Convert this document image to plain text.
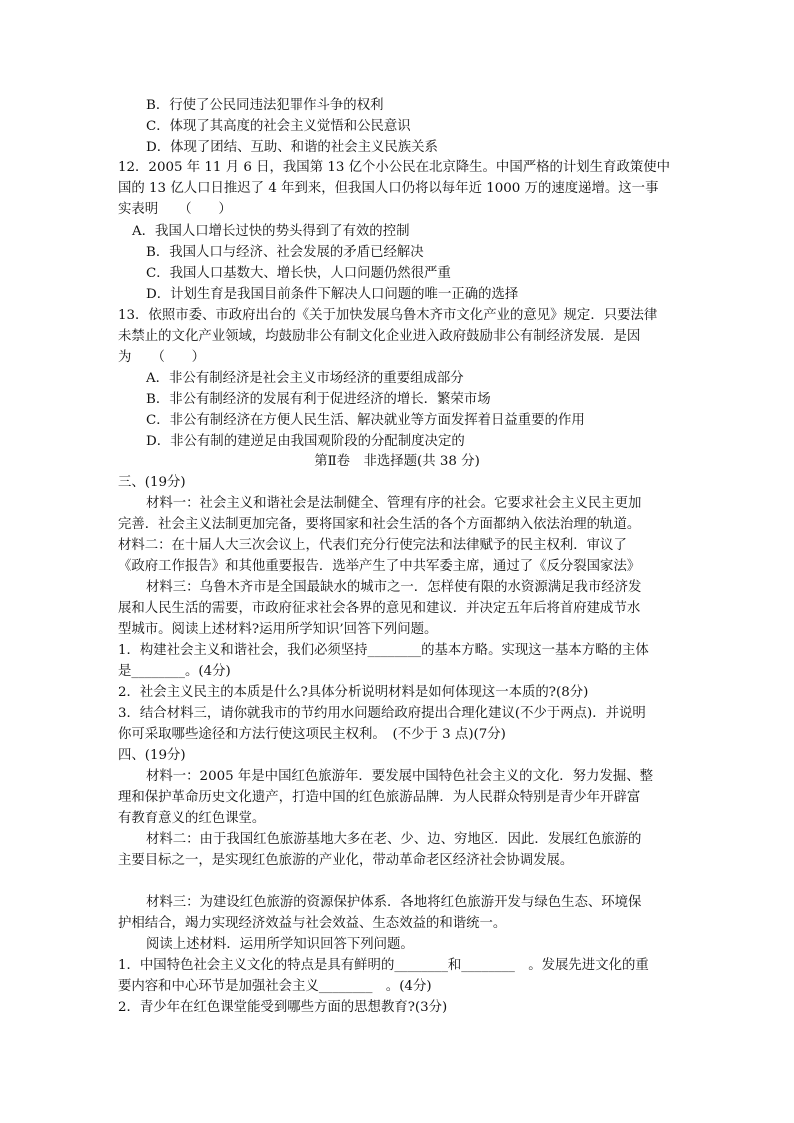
B．行使了公民同违法犯罪作斗争的权利
C．体现了其高度的社会主义觉悟和公民意识
D．体现了团结、互助、和谐的社会主义民族关系
12．2005 年 11 月 6 日，我国第 13 亿个小公民在北京降生。中国严格的计划生育政策使中
国的 13 亿人口日推迟了 4 年到来，但我国人口仍将以每年近 1000 万的速度递增。这一事
实表明　　（　　）
A．我国人口增长过快的势头得到了有效的控制
B．我国人口与经济、社会发展的矛盾已经解决
C．我国人口基数大、增长快，人口问题仍然很严重
D．计划生育是我国目前条件下解决人口问题的唯一正确的选择
13．依照市委、市政府出台的《关于加快发展乌鲁木齐市文化产业的意见》规定．只要法律
未禁止的文化产业领域，均鼓励非公有制文化企业进入政府鼓励非公有制经济发展．是因
为　　（　　）
A．非公有制经济是社会主义市场经济的重要组成部分
B．非公有制经济的发展有利于促进经济的增长．繁荣市场
C．非公有制经济在方便人民生活、解决就业等方面发挥着日益重要的作用
D．非公有制的建逆足由我国观阶段的分配制度决定的
第Ⅱ卷　非选择题(共 38 分)
三、(19分)
材料一：社会主义和谐社会是法制健全、管理有序的社会。它要求社会主义民主更加
完善．社会主义法制更加完备，要将国家和社会生活的各个方面都纳入依法治理的轨道。
材料二：在十届人大三次会议上，代表们充分行使完法和法律赋予的民主权利．审议了
《政府工作报告》和其他重要报告．选举产生了中共军委主席，通过了《反分裂国家法》
材料三：乌鲁木齐市是全国最缺水的城市之一．怎样使有限的水资源满足我市经济发
展和人民生活的需要，市政府征求社会各界的意见和建议．并决定五年后将首府建成节水
型城市。阅读上述材料?运用所学知识’回答下列问题。
1．构建社会主义和谐社会，我们必须坚持________的基本方略。实现这一基本方略的主体
是________。(4分)
2．社会主义民主的本质是什么?具体分析说明材料是如何体现这一本质的?(8分)
3．结合材料三，请你就我市的节约用水问题给政府提出合理化建议(不少于两点)．并说明
你可采取哪些途径和方法行使这项民主权利。　(不少于 3 点)(7分)
四、(19分)
材料一：2005 年是中国红色旅游年．要发展中国特色社会主义的文化．努力发掘、整
理和保护革命历史文化遗产，打造中国的红色旅游品牌．为人民群众特别是青少年开辟富
有教育意义的红色课堂。
材料二：由于我国红色旅游基地大多在老、少、边、穷地区．因此．发展红色旅游的
主要目标之一，是实现红色旅游的产业化，带动革命老区经济社会协调发展。
材料三：为建设红色旅游的资源保护体系．各地将红色旅游开发与绿色生态、环境保
护相结合，竭力实现经济效益与社会效益、生态效益的和谐统一。
阅读上述材料．运用所学知识回答下列问题。
1．中国特色社会主义文化的特点是具有鲜明的________和________　。发展先进文化的重
要内容和中心环节是加强社会主义________　。(4分)
2．青少年在红色课堂能受到哪些方面的思想教育?(3分)
